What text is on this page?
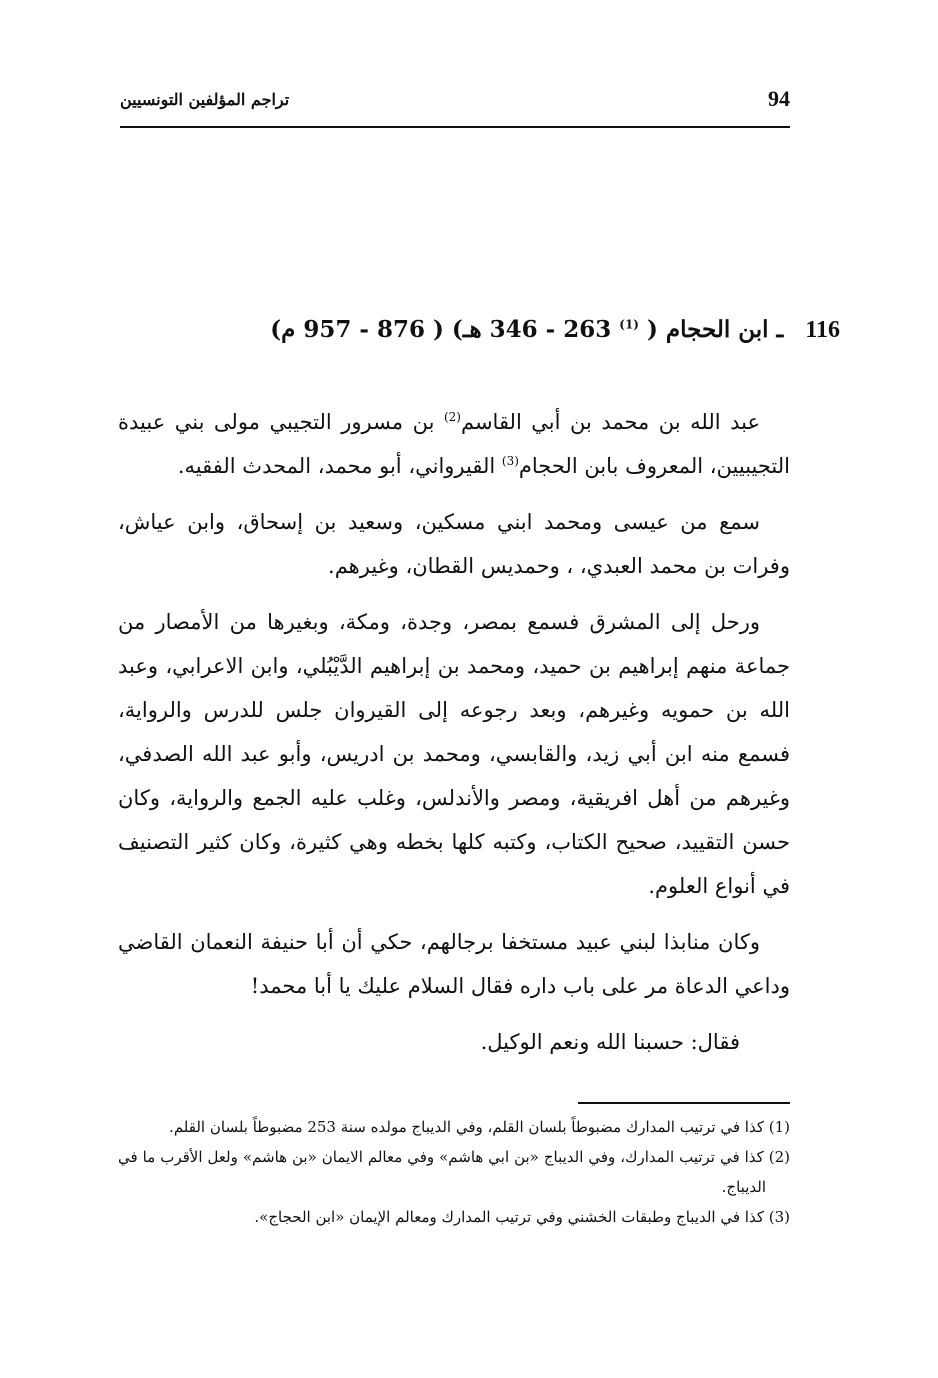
تراجم المؤلفين التونسيين	94
116 ـ ابن الحجام ( $^{(1)}$ 263 - 346 هـ) ( 876 - 957 م)

عبد الله بن محمد بن أبي القاسم$^{(2)}$ بن مسرور التجيبي مولى بني عبيدة التجيبيين، المعروف بابن الحجام$^{(3)}$ القيرواني، أبو محمد، المحدث الفقيه.

سمع من عيسى ومحمد ابني مسكين، وسعيد بن إسحاق، وابن عياش، وفرات بن محمد العبدي، ، وحمديس القطان، وغيرهم.

ورحل إلى المشرق فسمع بمصر، وجدة، ومكة، وبغيرها من الأمصار من جماعة منهم إبراهيم بن حميد، ومحمد بن إبراهيم الدَّيْبُلي، وابن الاعرابي، وعبد الله بن حمويه وغيرهم، وبعد رجوعه إلى القيروان جلس للدرس والرواية، فسمع منه ابن أبي زيد، والقابسي، ومحمد بن ادريس، وأبو عبد الله الصدفي، وغيرهم من أهل افريقية، ومصر والأندلس، وغلب عليه الجمع والرواية، وكان حسن التقييد، صحيح الكتاب، وكتبه كلها بخطه وهي كثيرة، وكان كثير التصنيف في أنواع العلوم.

وكان منابذا لبني عبيد مستخفا برجالهم، حكي أن أبا حنيفة النعمان القاضي وداعي الدعاة مر على باب داره فقال السلام عليك يا أبا محمد!

فقال: حسبنا الله ونعم الوكيل.

(1) كذا في ترتيب المدارك مضبوطاً بلسان القلم، وفي الديباج مولده سنة 253 مضبوطاً بلسان القلم.

(2) كذا في ترتيب المدارك، وفي الديباج «بن ابي هاشم» وفي معالم الايمان «بن هاشم» ولعل الأقرب ما في الديباج.

(3) كذا في الديباج وطبقات الخشني وفي ترتيب المدارك ومعالم الإيمان «ابن الحجاج».
